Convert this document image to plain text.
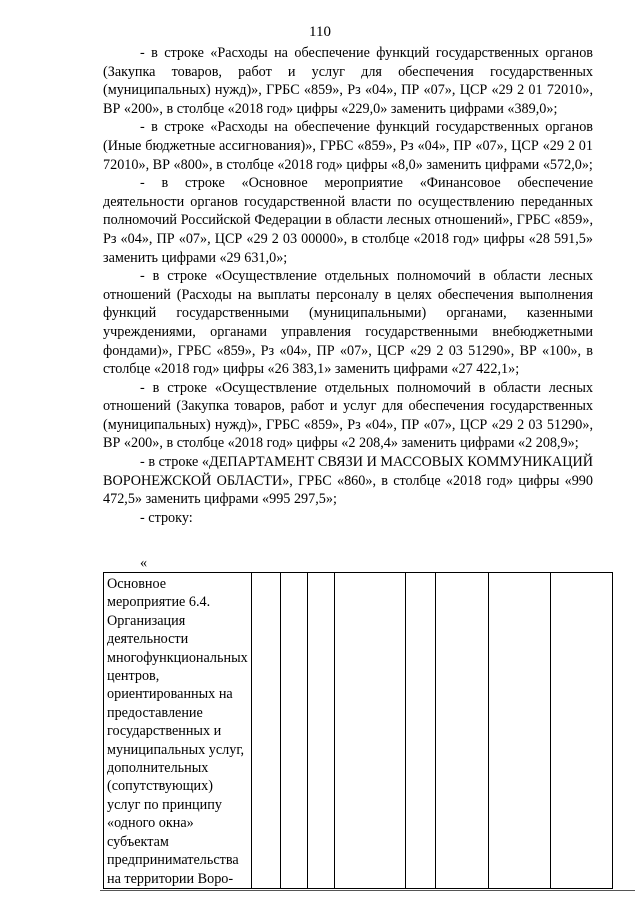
110

- в строке «Расходы на обеспечение функций государственных органов (Закупка товаров, работ и услуг для обеспечения государственных (муниципальных) нужд)», ГРБС «859», Рз «04», ПР «07», ЦСР «29 2 01 72010», ВР «200», в столбце «2018 год» цифры «229,0» заменить цифрами «389,0»;

- в строке «Расходы на обеспечение функций государственных органов (Иные бюджетные ассигнования)», ГРБС «859», Рз «04», ПР «07», ЦСР «29 2 01 72010», ВР «800», в столбце «2018 год» цифры «8,0» заменить цифрами «572,0»;

- в строке «Основное мероприятие «Финансовое обеспечение деятельности органов государственной власти по осуществлению переданных полномочий Российской Федерации в области лесных отношений», ГРБС «859», Рз «04», ПР «07», ЦСР «29 2 03 00000», в столбце «2018 год» цифры «28 591,5» заменить цифрами «29 631,0»;

- в строке «Осуществление отдельных полномочий в области лесных отношений (Расходы на выплаты персоналу в целях обеспечения выполнения функций государственными (муниципальными) органами, казенными учреждениями, органами управления государственными внебюджетными фондами)», ГРБС «859», Рз «04», ПР «07», ЦСР «29 2 03 51290», ВР «100», в столбце «2018 год» цифры «26 383,1» заменить цифрами «27 422,1»;

- в строке «Осуществление отдельных полномочий в области лесных отношений (Закупка товаров, работ и услуг для обеспечения государственных (муниципальных) нужд)», ГРБС «859», Рз «04», ПР «07», ЦСР «29 2 03 51290», ВР «200», в столбце «2018 год» цифры «2 208,4» заменить цифрами «2 208,9»;

- в строке «ДЕПАРТАМЕНТ СВЯЗИ И МАССОВЫХ КОММУНИКАЦИЙ ВОРОНЕЖСКОЙ ОБЛАСТИ», ГРБС «860», в столбце «2018 год» цифры «990 472,5» заменить цифрами «995 297,5»;

- строку:

«
Основное мероприятие 6.4. Организация деятельности многофункциональных центров, ориентированных на предоставление государственных и муниципальных услуг, дополнительных (сопутствующих) услуг по принципу «одного окна» субъектам предпринимательства на территории Воро-								
